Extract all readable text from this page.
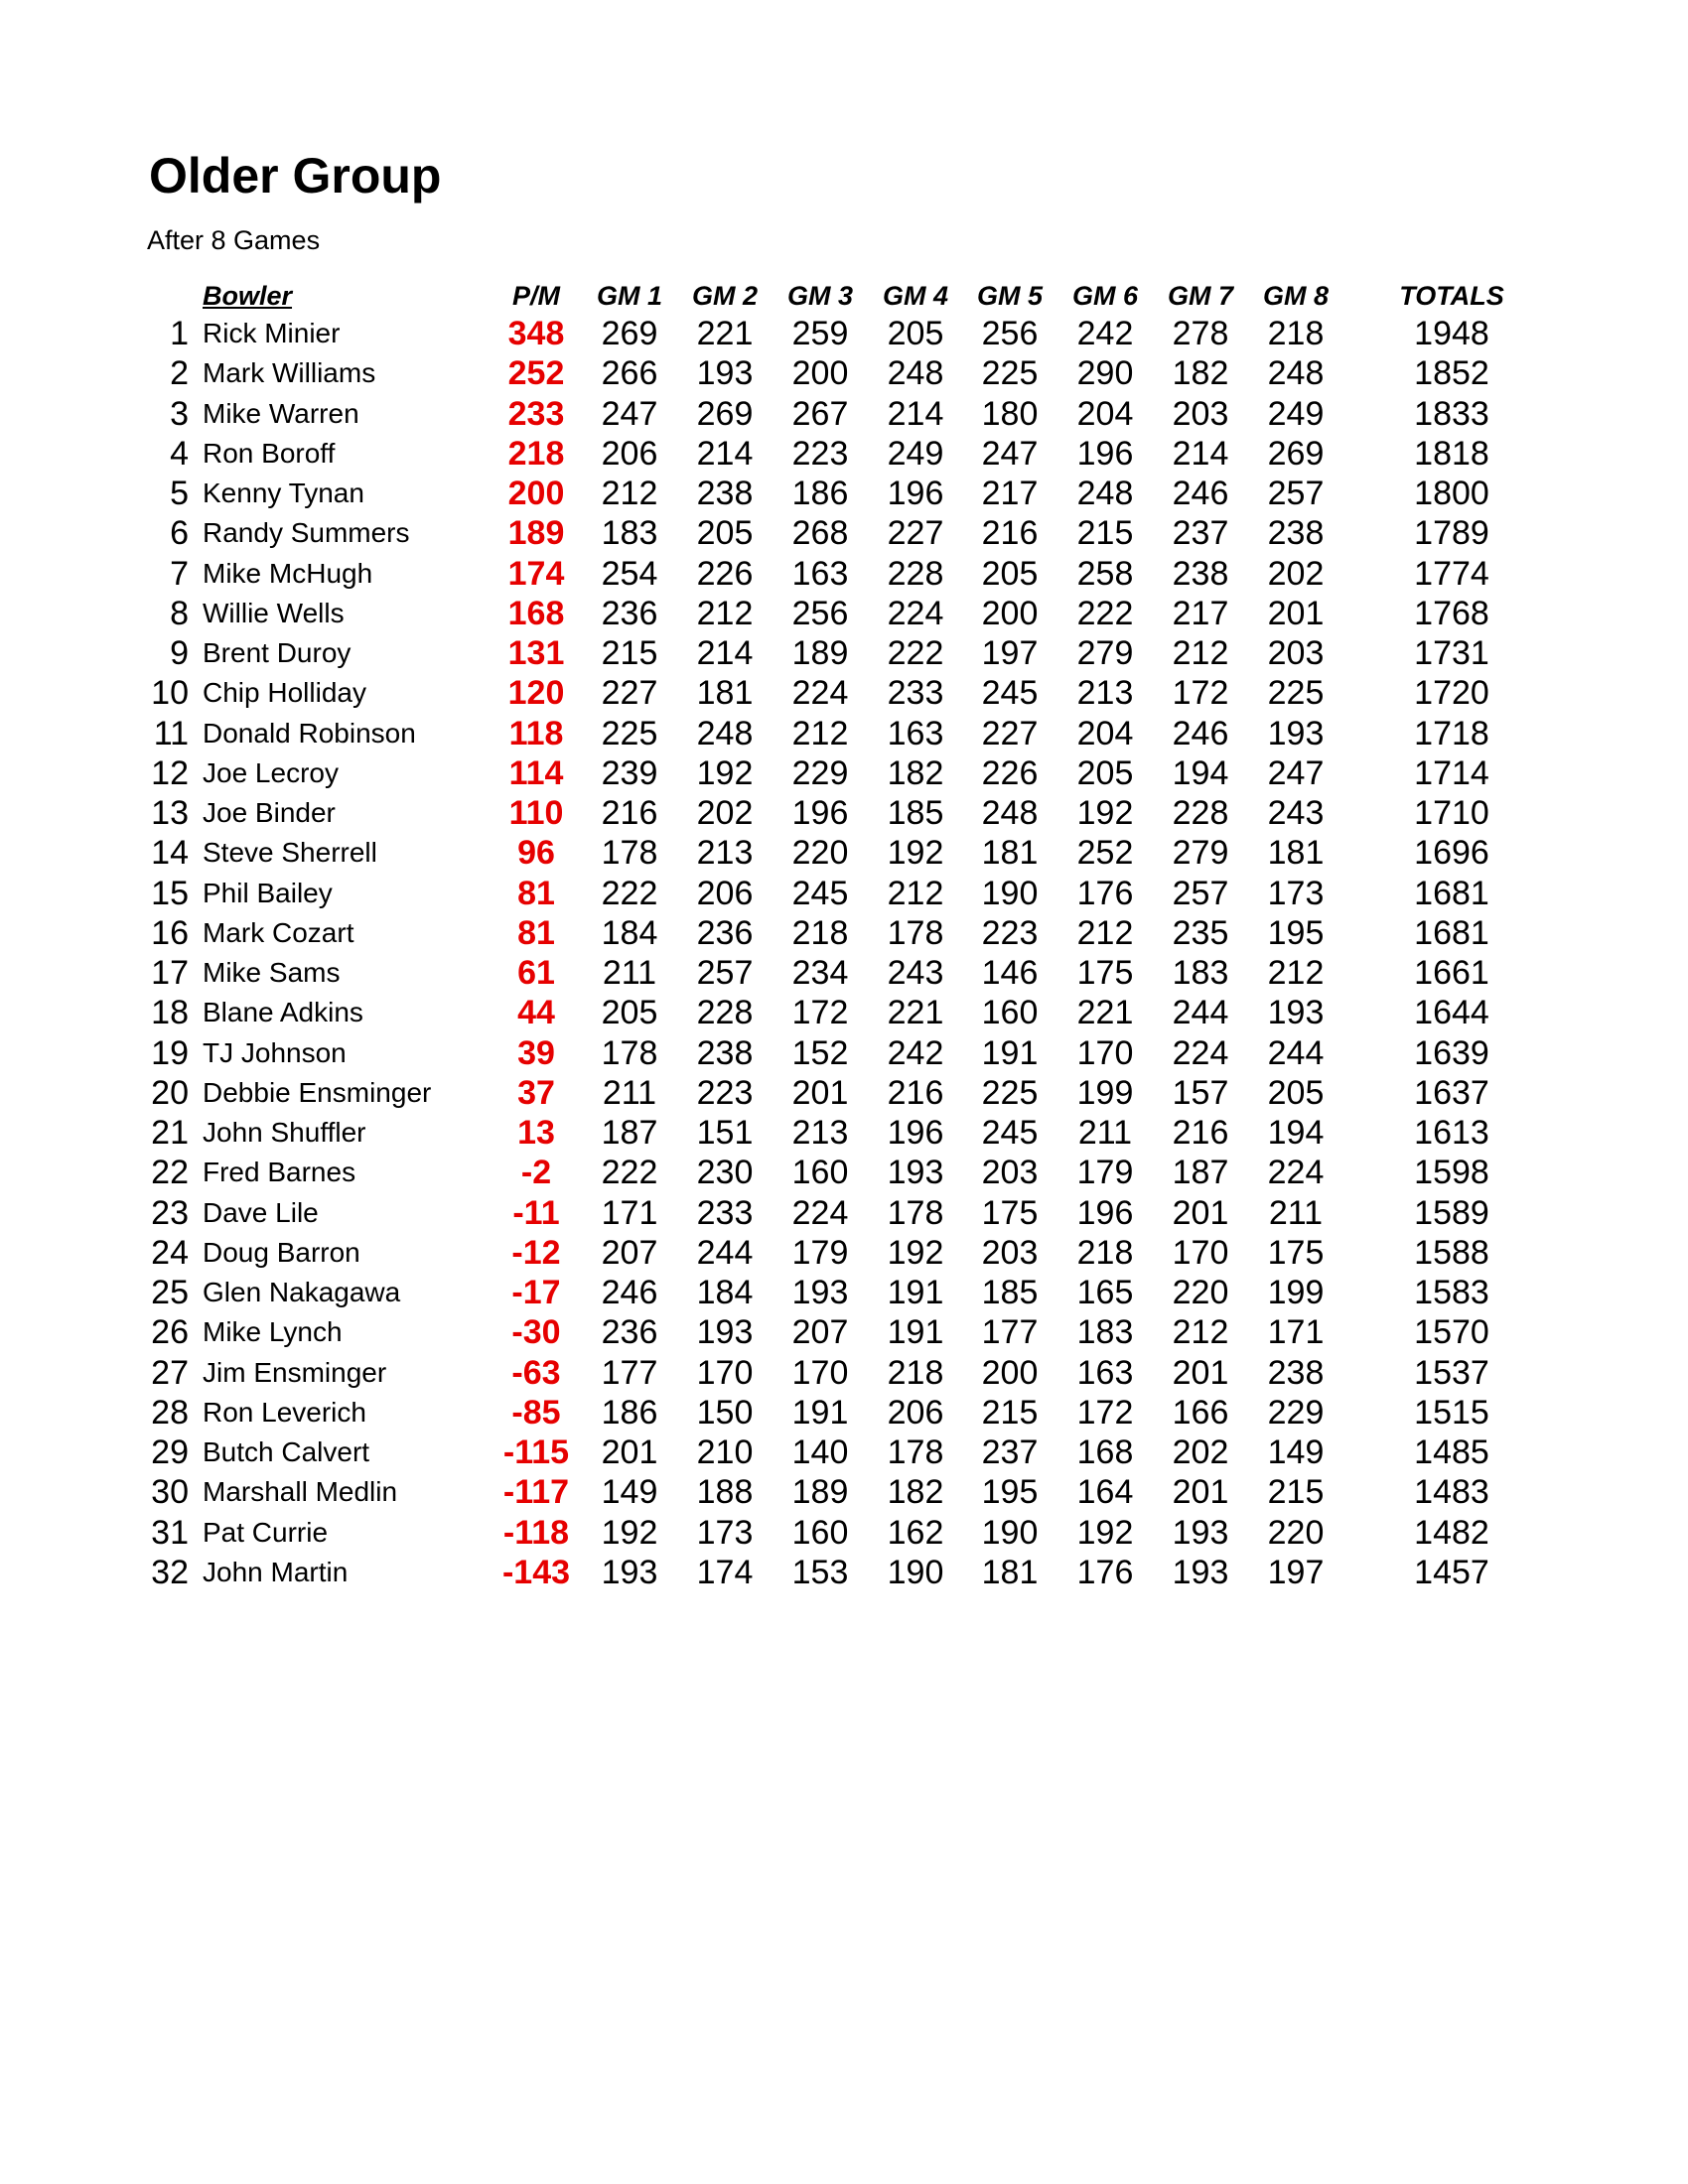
Older Group
After 8 Games
Bowler	P/M	GM 1 GM 2 GM 3 GM 4 GM 5 GM 6 GM 7 GM 8	TOTALS
1 Rick Minier	348	269	221	259	205	256	242	278	218	1948
2 Mark Williams	252	266	193	200	248	225	290	182	248	1852
3 Mike Warren	233	247	269	267	214	180	204	203	249	1833
4 Ron Boroff	218	206	214	223	249	247	196	214	269	1818
5 Kenny Tynan	200	212	238	186	196	217	248	246	257	1800
6 Randy Summers	189	183	205	268	227	216	215	237	238	1789
7 Mike McHugh	174	254	226	163	228	205	258	238	202	1774
8 Willie Wells	168	236	212	256	224	200	222	217	201	1768
9 Brent Duroy	131	215	214	189	222	197	279	212	203	1731
10 Chip Holliday	120	227	181	224	233	245	213	172	225	1720
11 Donald Robinson	118	225	248	212	163	227	204	246	193	1718
12 Joe Lecroy	114	239	192	229	182	226	205	194	247	1714
13 Joe Binder	110	216	202	196	185	248	192	228	243	1710
14 Steve Sherrell	96	178	213	220	192	181	252	279	181	1696
15 Phil Bailey	81	222	206	245	212	190	176	257	173	1681
16 Mark Cozart	81	184	236	218	178	223	212	235	195	1681
17 Mike Sams	61	211	257	234	243	146	175	183	212	1661
18 Blane Adkins	44	205	228	172	221	160	221	244	193	1644
19 TJ Johnson	39	178	238	152	242	191	170	224	244	1639
20 Debbie Ensminger	37	211	223	201	216	225	199	157	205	1637
21 John Shuffler	13	187	151	213	196	245	211	216	194	1613
22 Fred Barnes	-2	222	230	160	193	203	179	187	224	1598
23 Dave Lile	-11	171	233	224	178	175	196	201	211	1589
24 Doug Barron	-12	207	244	179	192	203	218	170	175	1588
25 Glen Nakagawa	-17	246	184	193	191	185	165	220	199	1583
26 Mike Lynch	-30	236	193	207	191	177	183	212	171	1570
27 Jim Ensminger	-63	177	170	170	218	200	163	201	238	1537
28 Ron Leverich	-85	186	150	191	206	215	172	166	229	1515
29 Butch Calvert	-115 201	210	140	178	237	168	202	149	1485
30 Marshall Medlin	-117 149	188	189	182	195	164	201	215	1483
31 Pat Currie	-118 192	173	160	162	190	192	193	220	1482
32 John Martin	-143 193	174	153	190	181	176	193	197	1457
